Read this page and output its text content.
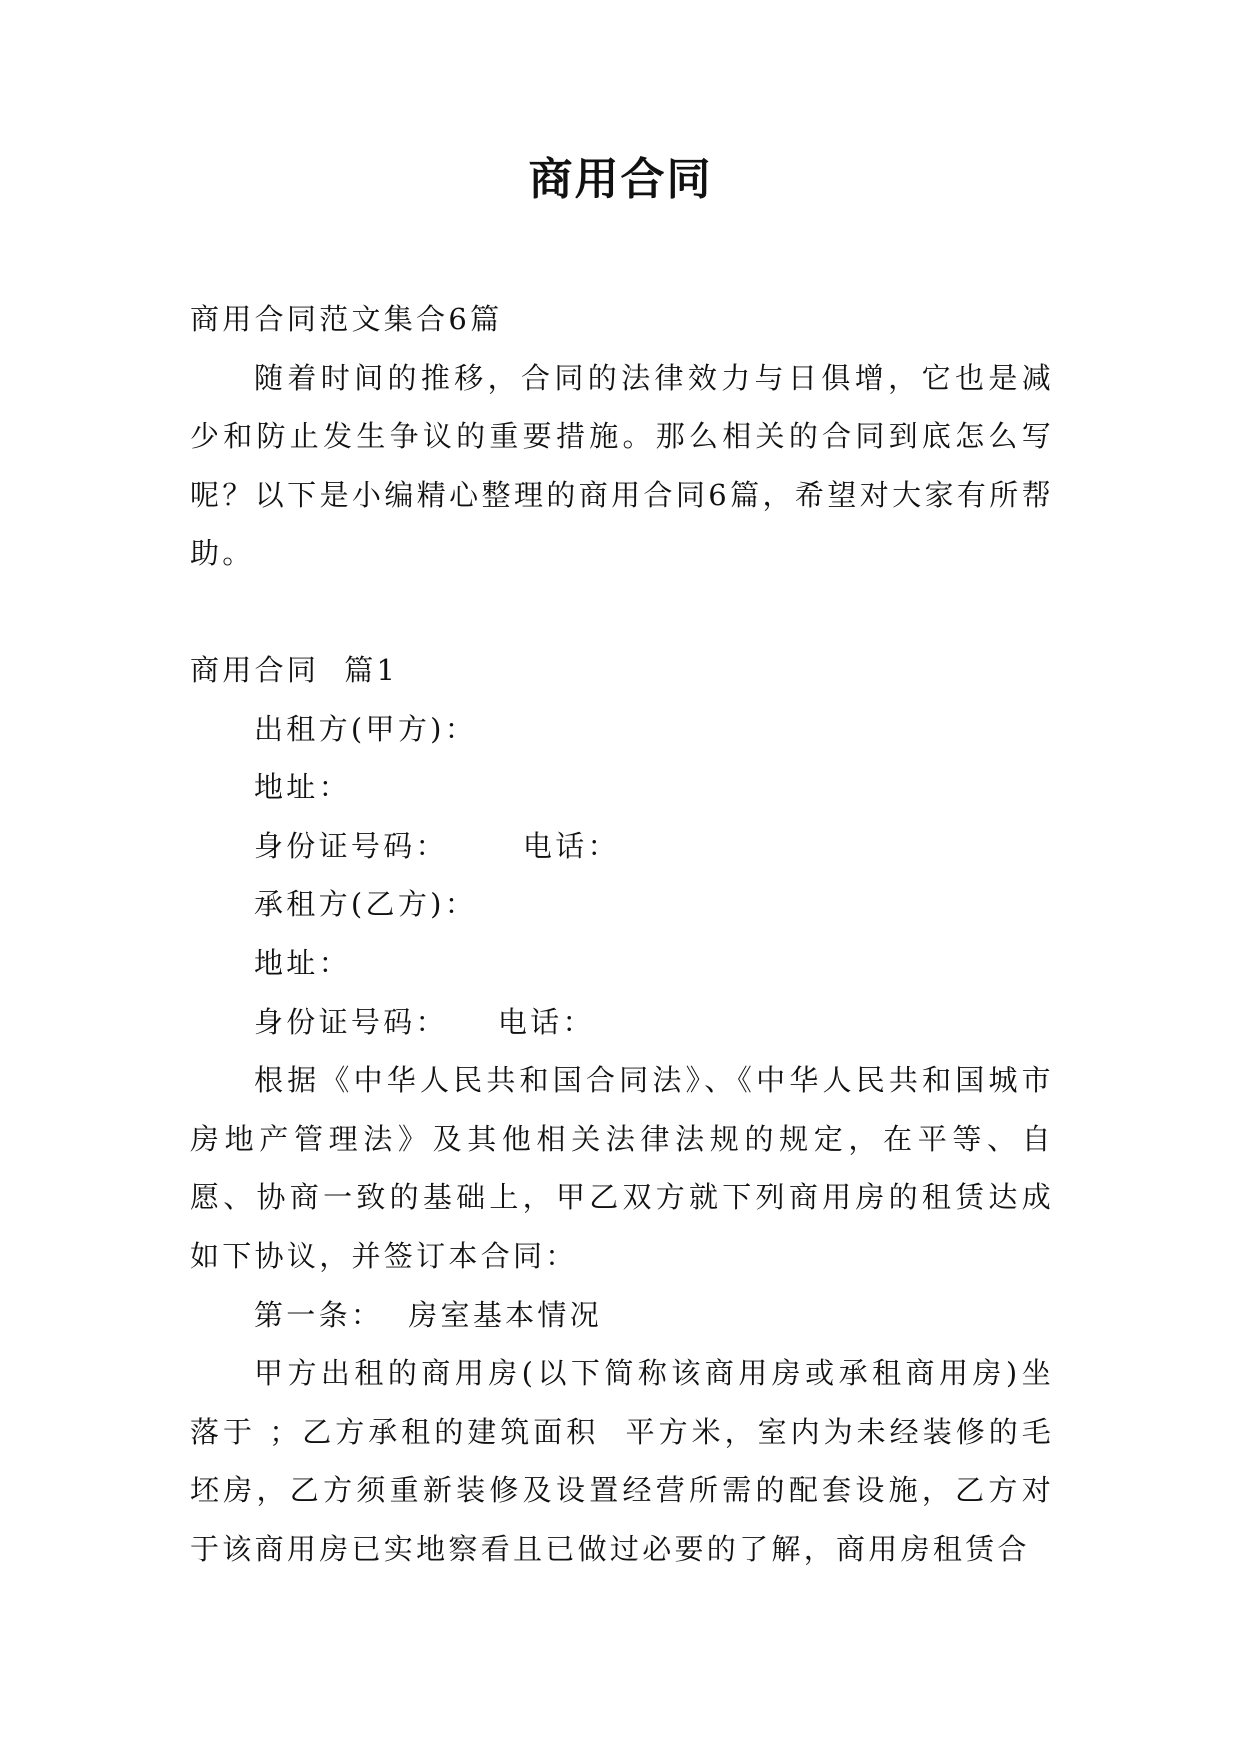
商用合同

商用合同范文集合6篇

随着时间的推移，合同的法律效力与日俱增，它也是减少和防止发生争议的重要措施。那么相关的合同到底怎么写呢？以下是小编精心整理的商用合同6篇，希望对大家有所帮助。

商用合同  篇1

出租方(甲方)：

地址：

身份证号码：      电话：

承租方(乙方)：

地址：

身份证号码：    电话：

根据《中华人民共和国合同法》、《中华人民共和国城市房地产管理法》及其他相关法律法规的规定，在平等、自愿、协商一致的基础上，甲乙双方就下列商用房的租赁达成如下协议，并签订本合同：

第一条：  房室基本情况

甲方出租的商用房(以下简称该商用房或承租商用房)坐落于 ；乙方承租的建筑面积  平方米，室内为未经装修的毛坯房，乙方须重新装修及设置经营所需的配套设施，乙方对于该商用房已实地察看且已做过必要的了解，商用房租赁合
